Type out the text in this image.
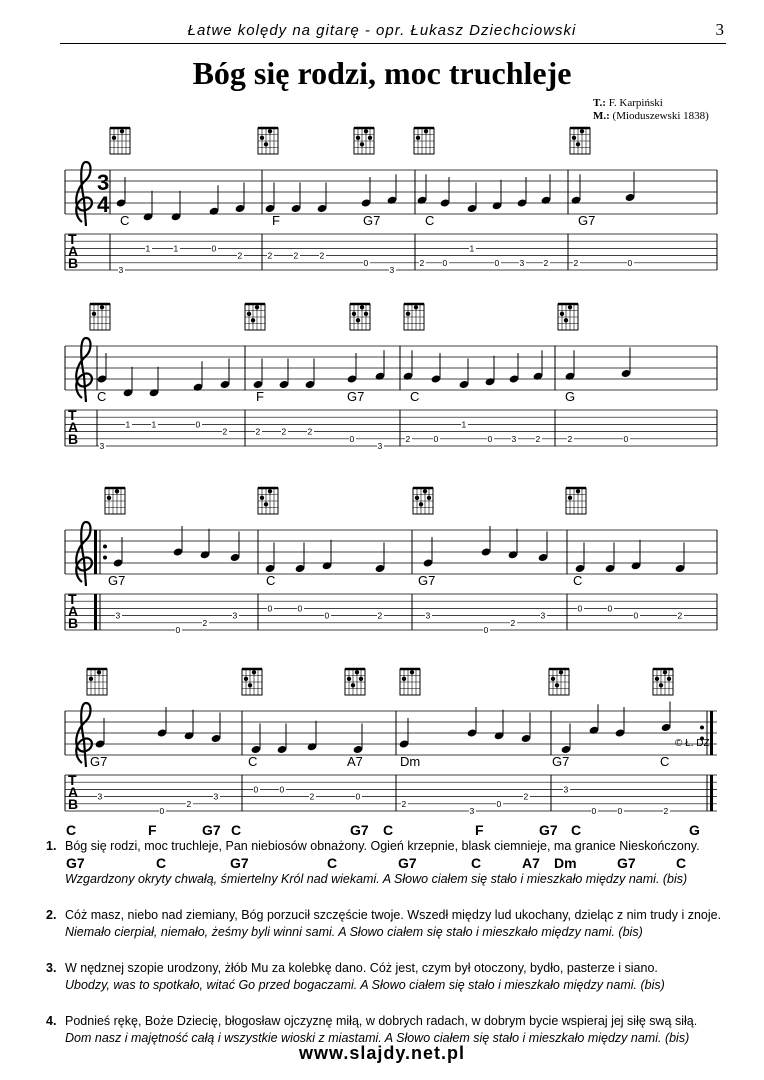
Łatwe kolędy na gitarę - opr. Łukasz Dziechciowski	3
Bóg się rodzi, moc truchleje
T.: F. Karpiński
M.: (Mioduszewski 1838)
3
4
T
A
B
C	F	G7	C	G7
3
1	1	0
2	2	2	2
0
3
2 0
1
0 3 2	2	0
T
A
B
C	F	G7	C	G
3
1	1	0
2	2	2	2
0
3
2	0
1
0 3 2	2	0
T
A
B
G7	C	G7	C
3
0
2
3
0	0
0	2	3
0
2
3
0	0
0	2
T
A
B
G7	C	A7	Dm	G7	C
3
0
2
3
0	0
2	0
2
3
0
2
3
0	0	2
© Ł. DZ
C	F	G7 C	G7 C	F	G7 C	G
1. Bóg się rodzi, moc truchleje, Pan niebiosów obnażony. Ogień krzepnie, blask ciemnieje, ma granice Nieskończony.

G7	C	G7	C	G7	C	A7 Dm	G7	C
Wzgardzony okryty chwałą, śmiertelny Król nad wiekami. A Słowo ciałem się stało i mieszkało między nami. (bis)

2. Cóż masz, niebo nad ziemiany, Bóg porzucił szczęście twoje. Wszedł między lud ukochany, dzieląc z nim trudy i znoje.

Niemało cierpiał, niemało, żeśmy byli winni sami. A Słowo ciałem się stało i mieszkało między nami. (bis)

3. W nędznej szopie urodzony, żłób Mu za kolebkę dano. Cóż jest, czym był otoczony, bydło, pasterze i siano.

Ubodzy, was to spotkało, witać Go przed bogaczami. A Słowo ciałem się stało i mieszkało między nami. (bis)

4. Podnieś rękę, Boże Dziecię, błogosław ojczyznę miłą, w dobrych radach, w dobrym bycie wspieraj jej siłę swą siłą.

Dom nasz i majętność całą i wszystkie wioski z miastami. A Słowo ciałem się stało i mieszkało między nami. (bis)

www.slajdy.net.pl
